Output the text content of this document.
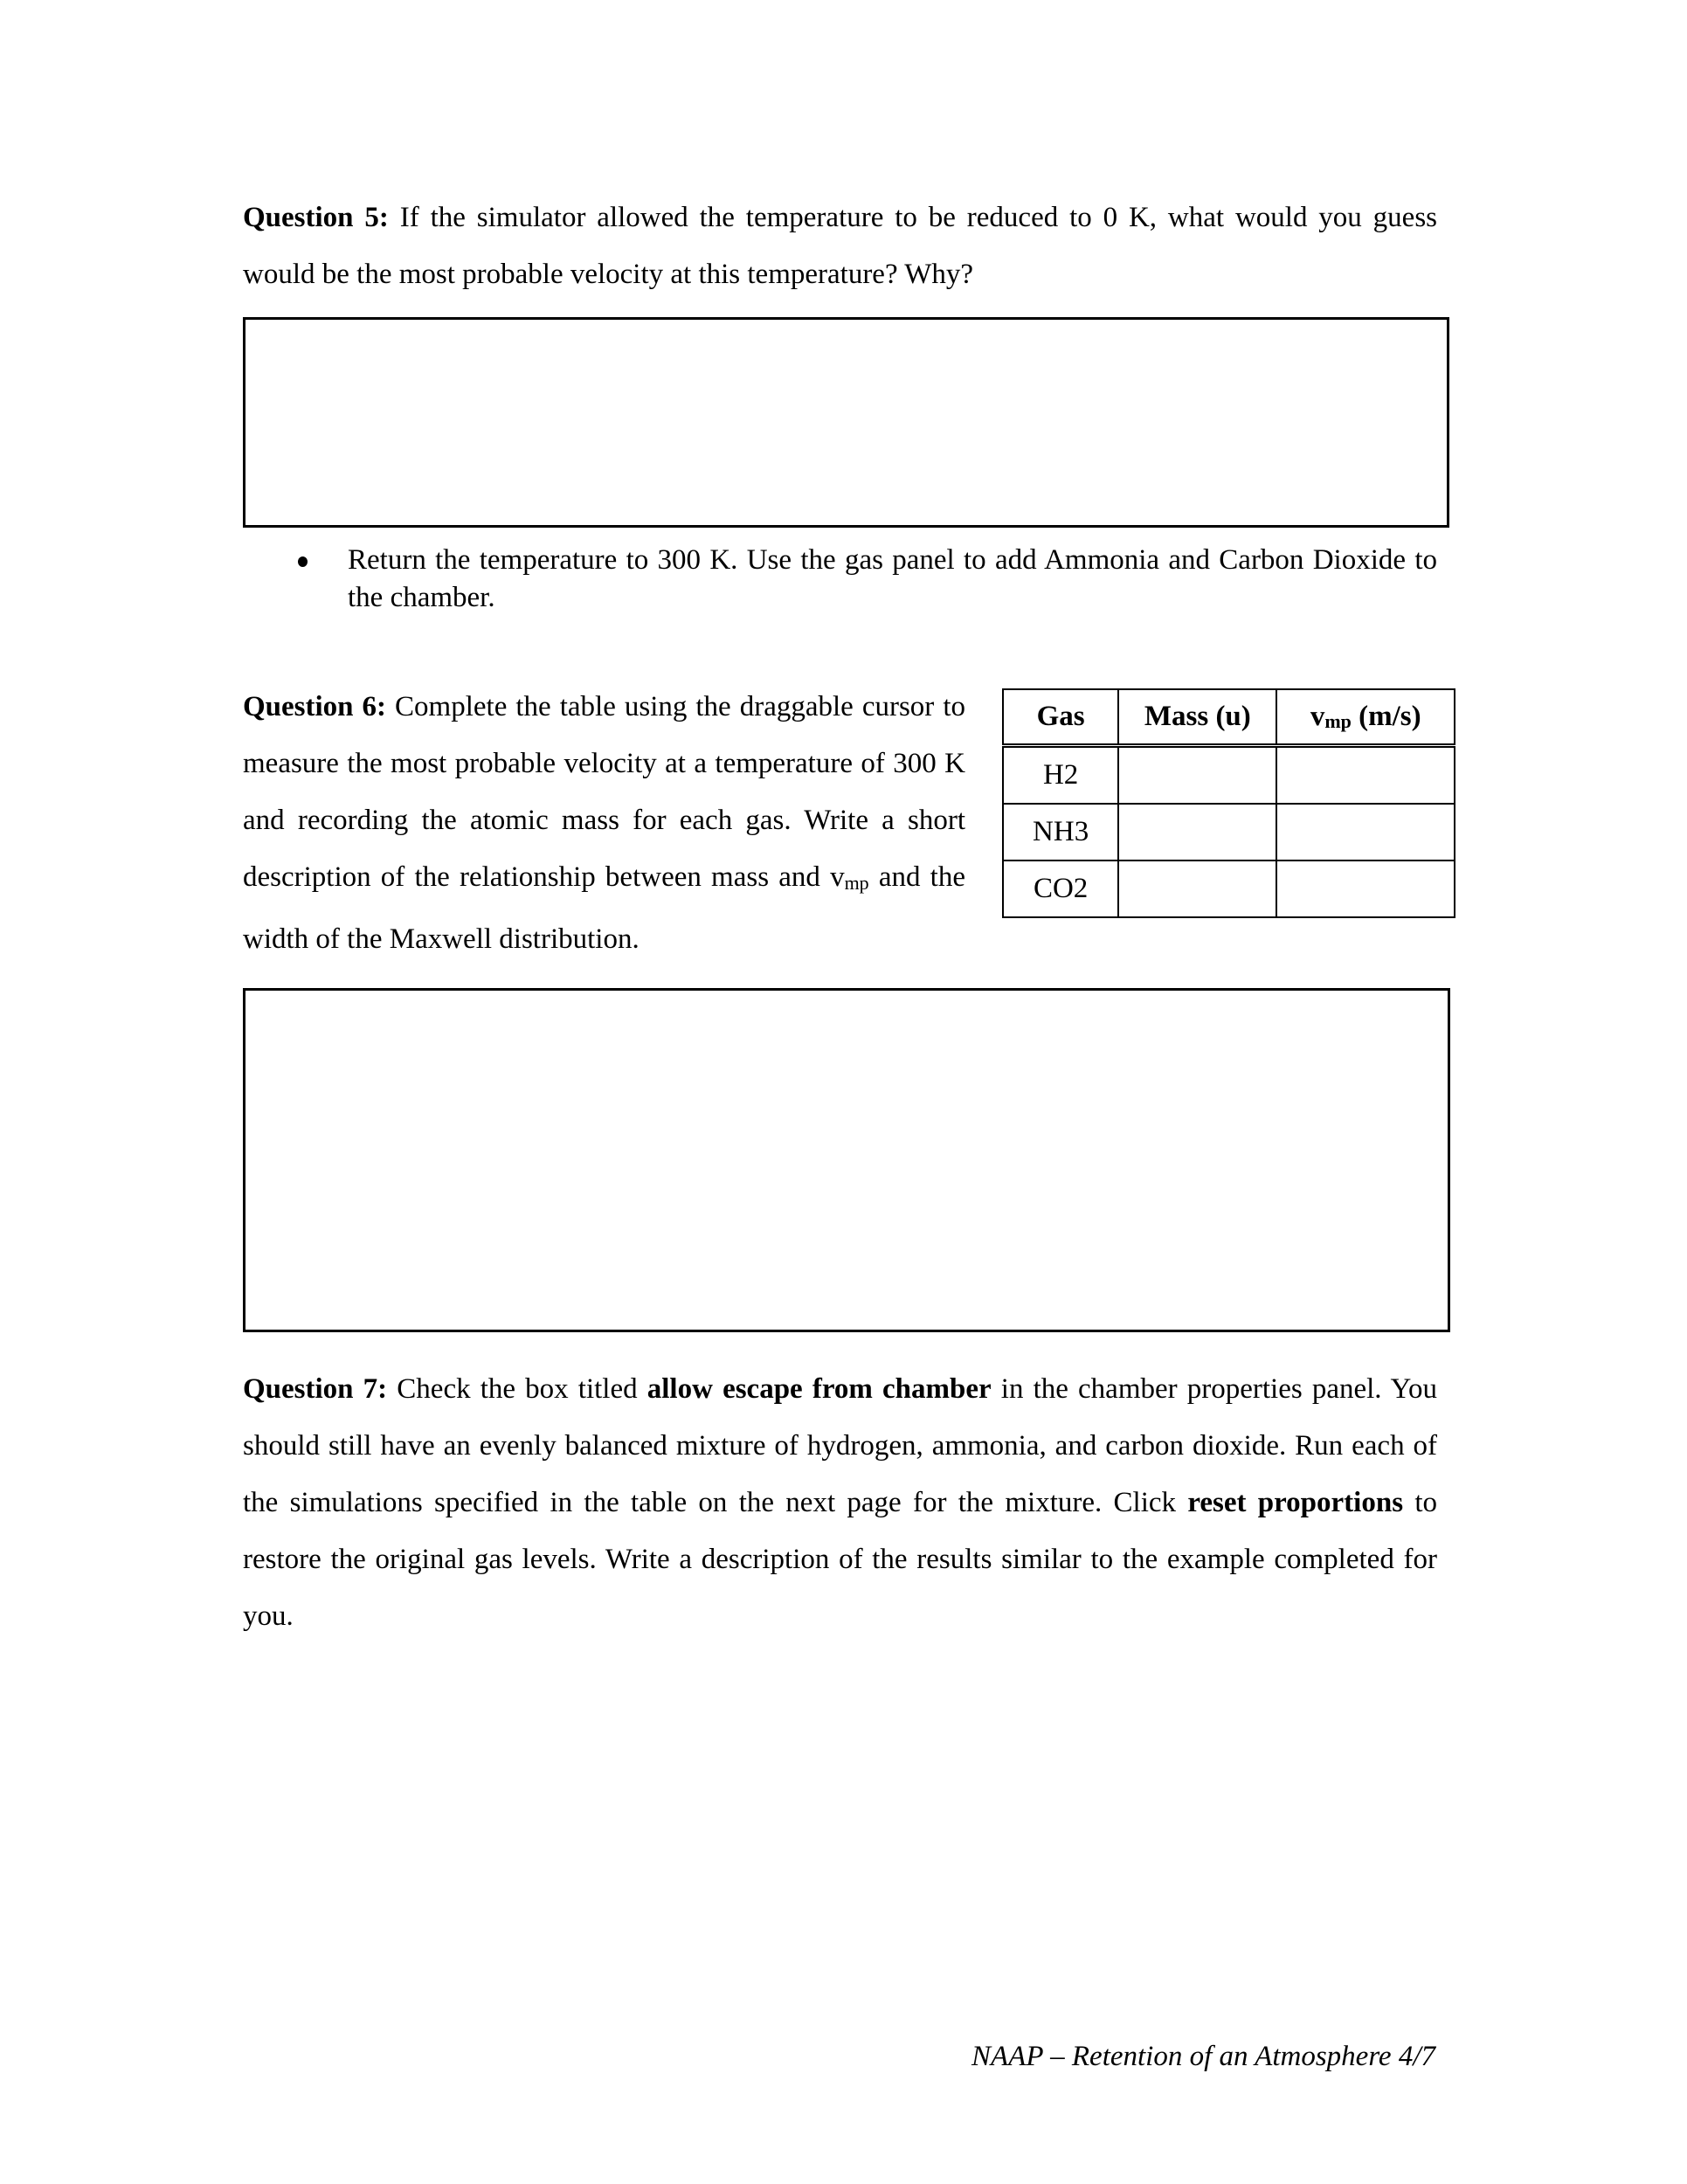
Question 5: If the simulator allowed the temperature to be reduced to 0 K, what would you guess would be the most probable velocity at this temperature? Why?

Return the temperature to 300 K. Use the gas panel to add Ammonia and Carbon Dioxide to the chamber.
Gas	Mass (u)	$v_{mp}$ (m/s)
H2		
NH3		
CO2		
Question 6: Complete the table using the draggable cursor to measure the most probable velocity at a temperature of 300 K and recording the atomic mass for each gas. Write a short description of the relationship between mass and $v_{mp}$ and the width of the Maxwell distribution.

Question 7: Check the box titled allow escape from chamber in the chamber properties panel. You should still have an evenly balanced mixture of hydrogen, ammonia, and carbon dioxide. Run each of the simulations specified in the table on the next page for the mixture. Click reset proportions to restore the original gas levels. Write a description of the results similar to the example completed for you.

NAAP – Retention of an Atmosphere 4/7
